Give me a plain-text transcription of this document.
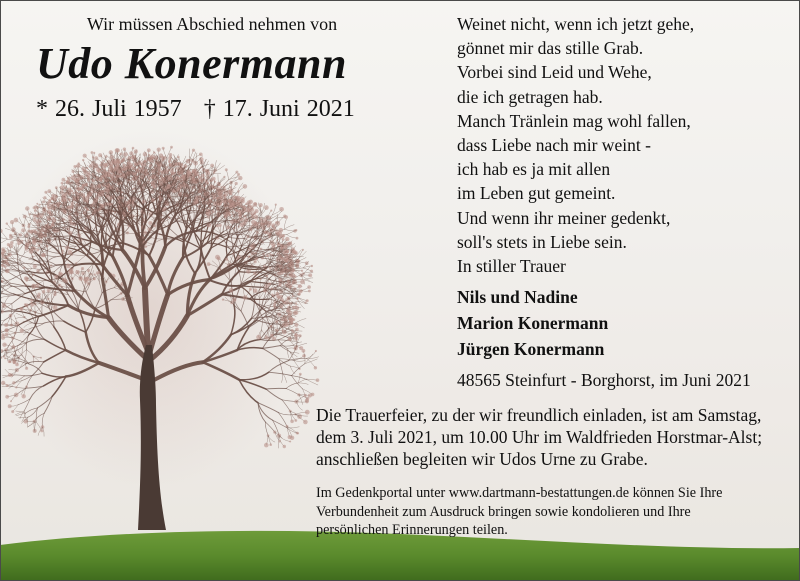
Wir müssen Abschied nehmen von
Udo Konermann
* 26. Juli 1957 † 17. Juni 2021
Weinet nicht, wenn ich jetzt gehe,
gönnet mir das stille Grab.
Vorbei sind Leid und Wehe,
die ich getragen hab.
Manch Tränlein mag wohl fallen,
dass Liebe nach mir weint -
ich hab es ja mit allen
im Leben gut gemeint.
Und wenn ihr meiner gedenkt,
soll's stets in Liebe sein.
In stiller Trauer
Nils und Nadine
Marion Konermann
Jürgen Konermann
48565 Steinfurt - Borghorst, im Juni 2021
Die Trauerfeier, zu der wir freundlich einladen, ist am Samstag,
dem 3. Juli 2021, um 10.00 Uhr im Waldfrieden Horstmar-Alst;
anschließen begleiten wir Udos Urne zu Grabe.
Im Gedenkportal unter www.dartmann-bestattungen.de können Sie Ihre
Verbundenheit zum Ausdruck bringen sowie kondolieren und Ihre
persönlichen Erinnerungen teilen.
